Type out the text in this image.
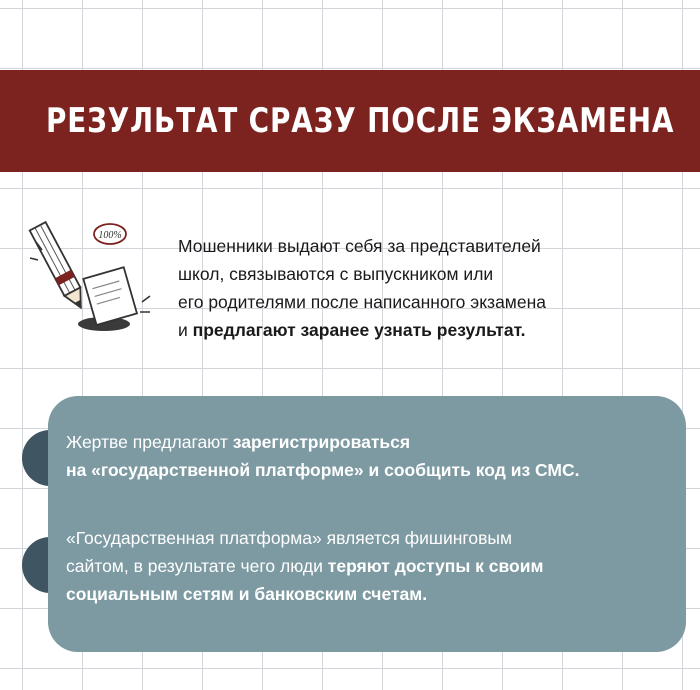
РЕЗУЛЬТАТ СРАЗУ ПОСЛЕ ЭКЗАМЕНА
100%
Мошенники выдают себя за представителей
школ, связываются с выпускником или
его родителями после написанного экзамена
и предлагают заранее узнать результат.

Жертве предлагают зарегистрироваться
на «государственной платформе» и сообщить код из СМС.

«Государственная платформа» является фишинговым
сайтом, в результате чего люди теряют доступы к своим
социальным сетям и банковским счетам.
